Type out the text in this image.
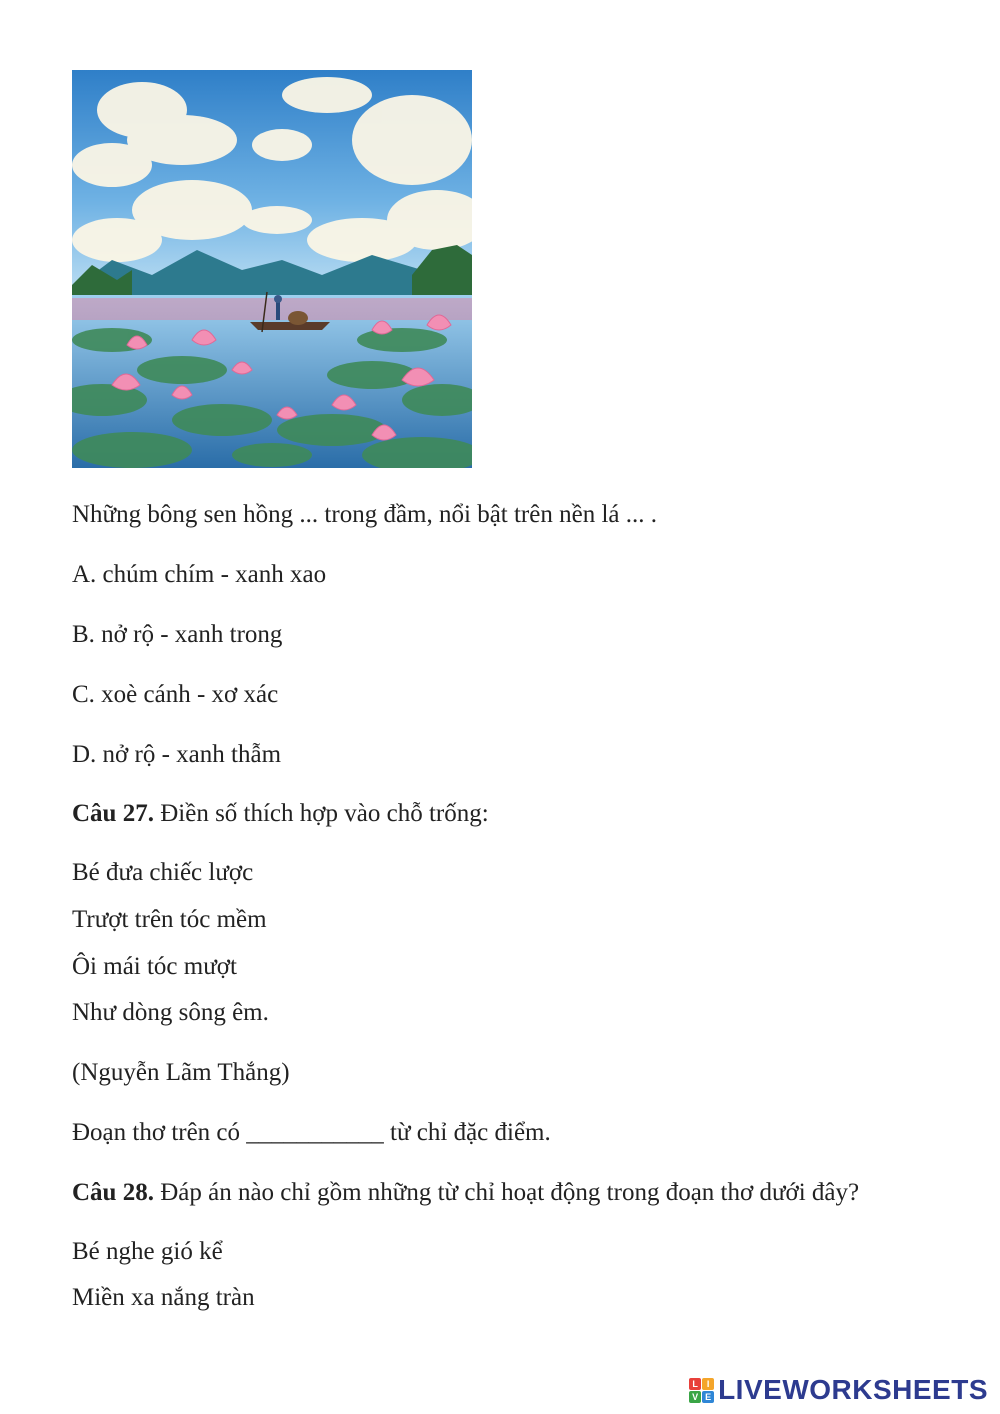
Những bông sen hồng ... trong đầm, nổi bật trên nền lá ... .
A. chúm chím - xanh xao
B. nở rộ - xanh trong
C. xoè cánh - xơ xác
D. nở rộ - xanh thẫm
Câu 27. Điền số thích hợp vào chỗ trống:
Bé đưa chiếc lược
Trượt trên tóc mềm
Ôi mái tóc mượt
Như dòng sông êm.
(Nguyễn Lãm Thắng)
Đoạn thơ trên có ___________ từ chỉ đặc điểm.
Câu 28. Đáp án nào chỉ gồm những từ chỉ hoạt động trong đoạn thơ dưới đây?
Bé nghe gió kể
Miền xa nắng tràn
L I
V E LIVEWORKSHEETS
